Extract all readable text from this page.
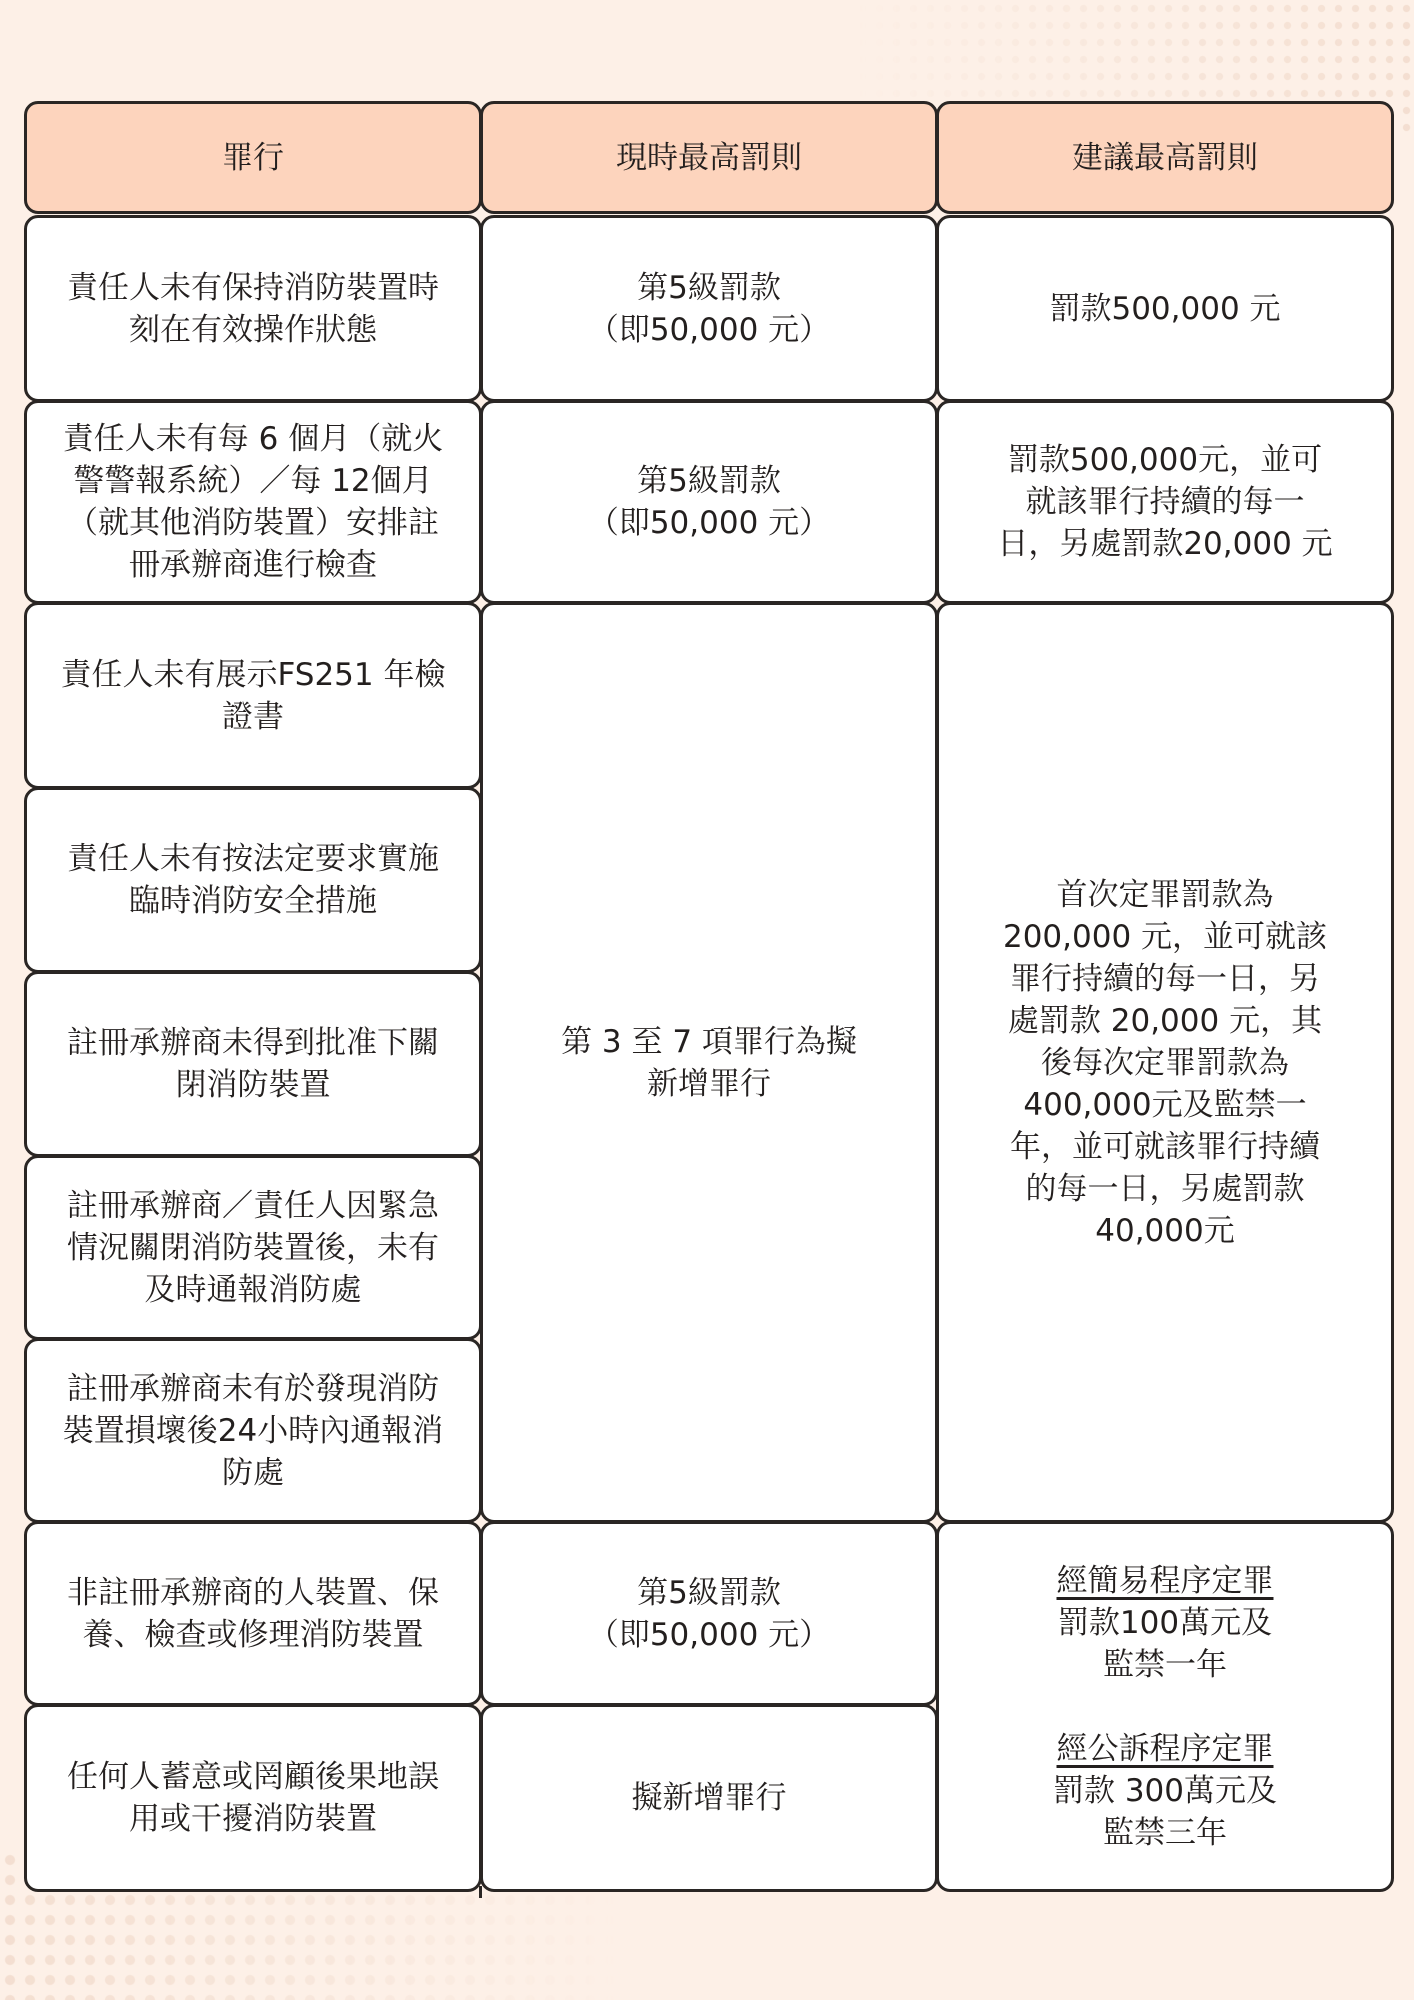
罪行	現時最高罰則	建議最高罰則
責任人未有保持消防裝置時
刻在有效操作狀態
責任人未有每 6 個月（就火
警警報系統）／每 12個月
（就其他消防裝置）安排註
冊承辦商進行檢查
責任人未有展示FS251 年檢
證書
責任人未有按法定要求實施
臨時消防安全措施
註冊承辦商未得到批准下關
閉消防裝置
註冊承辦商／責任人因緊急
情況關閉消防裝置後，未有
及時通報消防處
註冊承辦商未有於發現消防
裝置損壞後24小時內通報消
防處
非註冊承辦商的人裝置、保
養、檢查或修理消防裝置
任何人蓄意或罔顧後果地誤
用或干擾消防裝置
第5級罰款
（即50,000 元）
第5級罰款
（即50,000 元）
第 3 至 7 項罪行為擬
新增罪行
第5級罰款
（即50,000 元）
擬新增罪行
罰款500,000 元
罰款500,000元，並可
就該罪行持續的每一
日，另處罰款20,000 元
首次定罪罰款為
200,000 元，並可就該
罪行持續的每一日，另
處罰款 20,000 元，其
後每次定罪罰款為
400,000元及監禁一
年，並可就該罪行持續
的每一日，另處罰款
40,000元
經簡易程序定罪
罰款100萬元及
監禁一年
經公訴程序定罪
罰款 300萬元及
監禁三年
